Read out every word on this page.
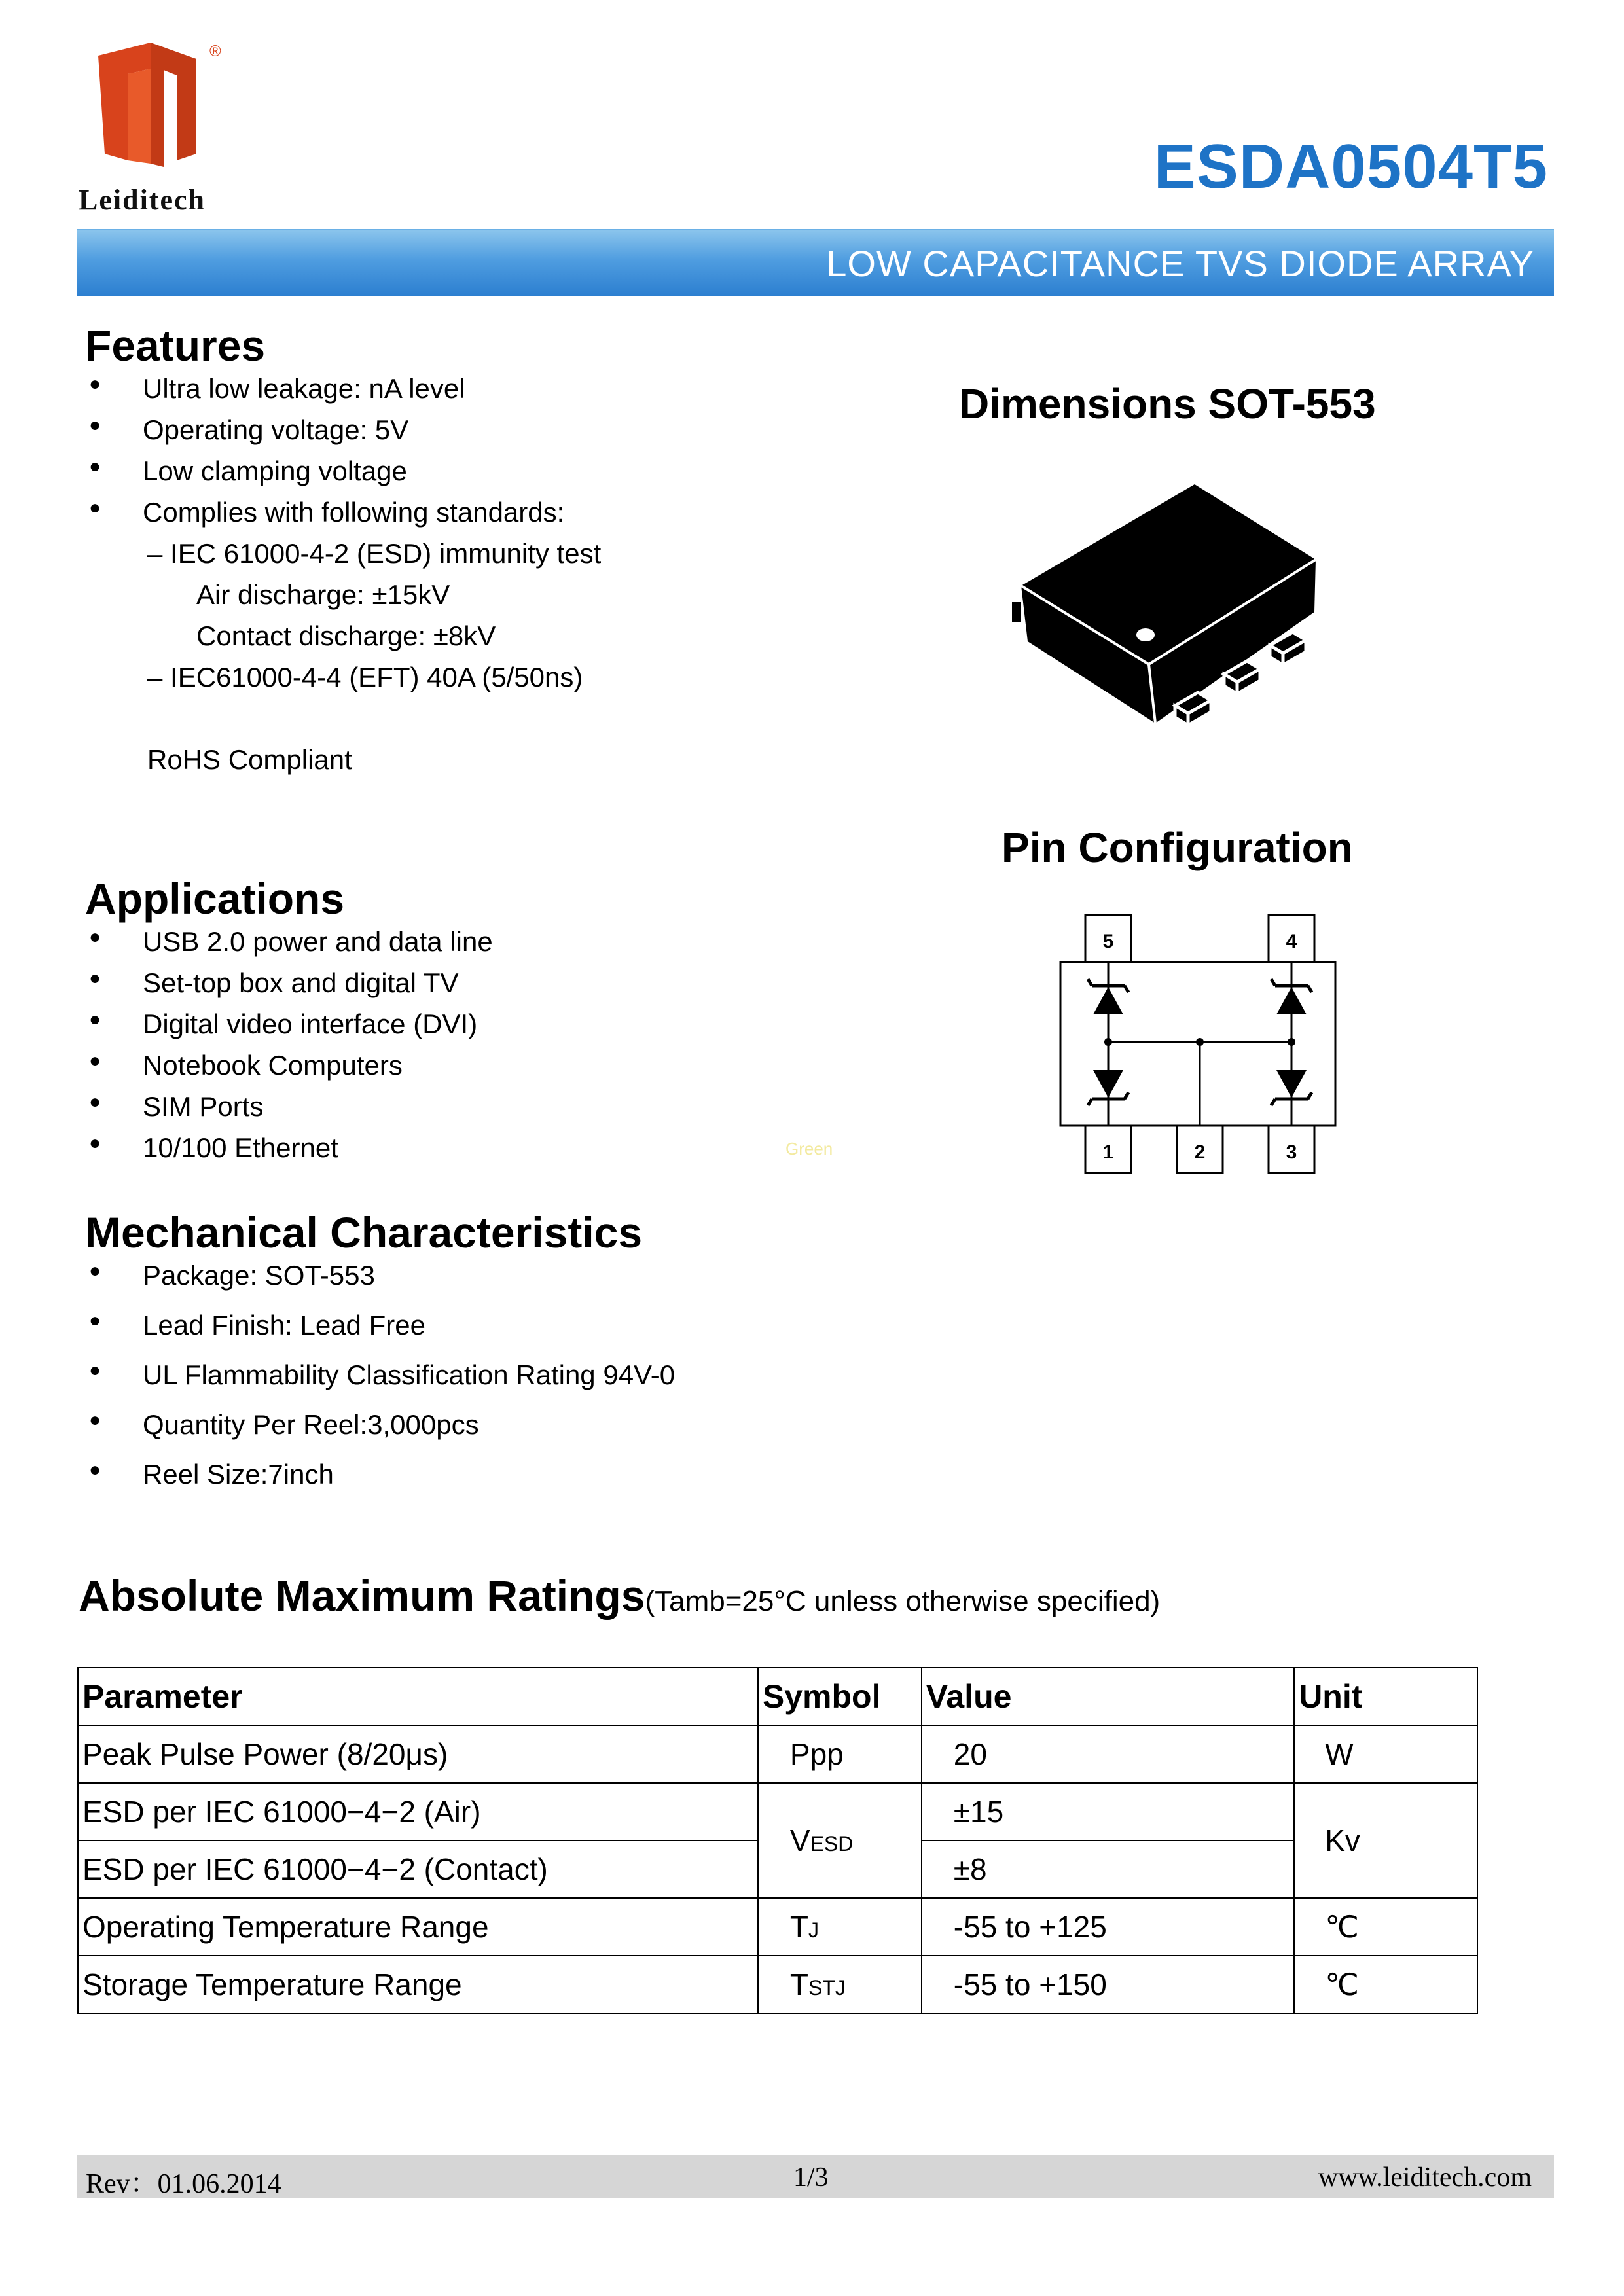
®
Leiditech	ESDA0504T5
LOW CAPACITANCE TVS DIODE ARRAY
Features
● Ultra low leakage: nA level
● Operating voltage: 5V
● Low clamping voltage
● Complies with following standards:
– IEC 61000-4-2 (ESD) immunity test
Air discharge: ±15kV
Contact discharge: ±8kV
– IEC61000-4-4 (EFT) 40A (5/50ns)
RoHS Compliant
Dimensions SOT-553
Pin Configuration
5	4
1	2	3
Applications
● USB 2.0 power and data line
● Set-top box and digital TV
● Digital video interface (DVI)
● Notebook Computers
● SIM Ports
● 10/100 Ethernet	Green
Mechanical Characteristics
● Package: SOT-553
● Lead Finish: Lead Free
● UL Flammability Classification Rating 94V-0
● Quantity Per Reel:3,000pcs
● Reel Size:7inch
Absolute Maximum Ratings(Tamb=25°C unless otherwise specified)
Parameter	Symbol	Value	Unit
Peak Pulse Power (8/20μs)	Ppp	20	W
ESD per IEC 61000−4−2 (Air)	VESD	±15	Kv
ESD per IEC 61000−4−2 (Contact)		±8	
Operating Temperature Range	TJ	-55 to +125	℃
Storage Temperature Range	TSTJ	-55 to +150	℃
Rev：01.06.2014	1/3	www.leiditech.com
